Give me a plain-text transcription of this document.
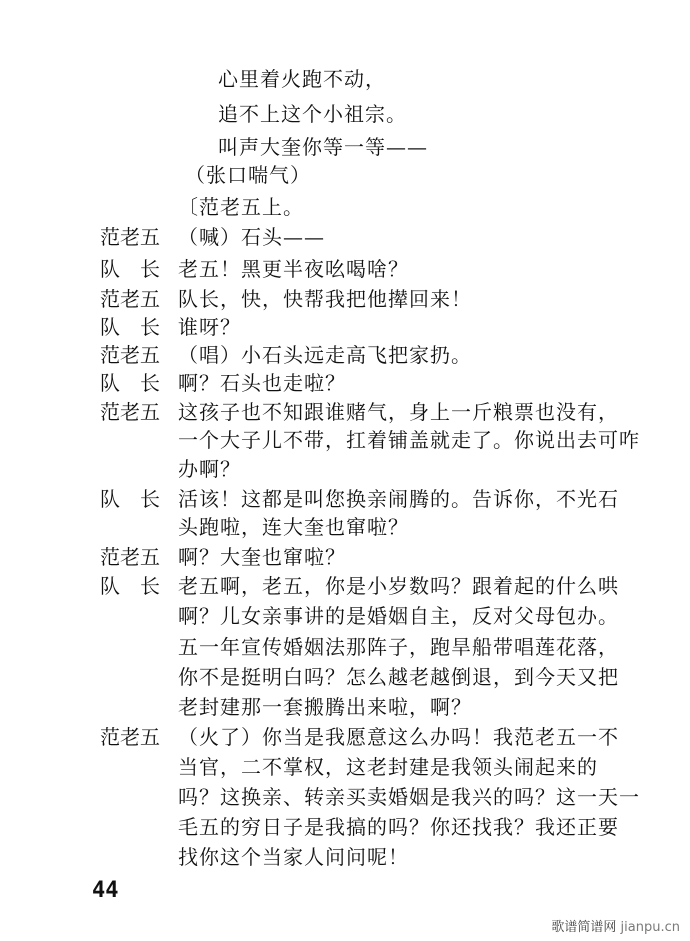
心里着火跑不动，
追不上这个小祖宗。
叫声大奎你等一等——
（张口喘气）
〔范老五上。
范老五 （喊）石头——
队　长 老五！黑更半夜吆喝啥？
范老五 队长，快，快帮我把他撵回来！
队　长 谁呀？
范老五 （唱）小石头远走高飞把家扔。
队　长 啊？石头也走啦？
范老五 这孩子也不知跟谁赌气，身上一斤粮票也没有，
一个大子儿不带，扛着铺盖就走了。你说出去可咋
办啊？
队　长 活该！这都是叫您换亲闹腾的。告诉你，不光石
头跑啦，连大奎也窜啦？
范老五 啊？大奎也窜啦？
队　长 老五啊，老五，你是小岁数吗？跟着起的什么哄
啊？儿女亲事讲的是婚姻自主，反对父母包办。
五一年宣传婚姻法那阵子，跑旱船带唱莲花落，
你不是挺明白吗？怎么越老越倒退，到今天又把
老封建那一套搬腾出来啦，啊？
范老五 （火了）你当是我愿意这么办吗！我范老五一不
当官，二不掌权，这老封建是我领头闹起来的
吗？这换亲、转亲买卖婚姻是我兴的吗？这一天一
毛五的穷日子是我搞的吗？你还找我？我还正要
找你这个当家人问问呢！
44
歌谱简谱网 jianpu.cn
